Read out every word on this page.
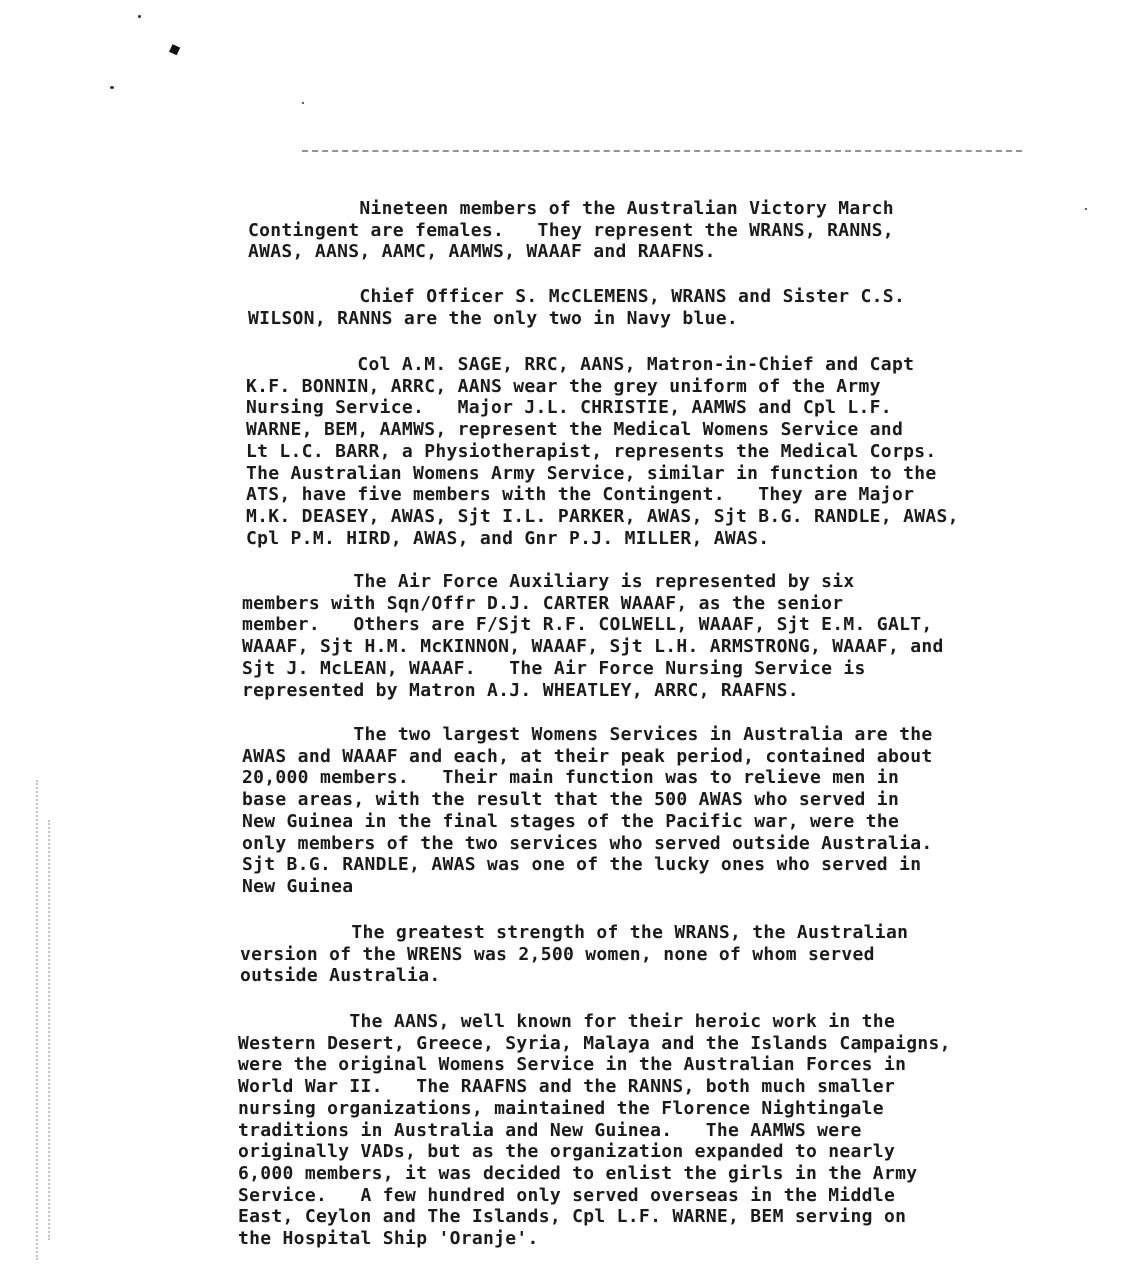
◆

Nineteen members of the Australian Victory March
Contingent are females.   They represent the WRANS, RANNS,
AWAS, AANS, AAMC, AAMWS, WAAAF and RAAFNS.

Chief Officer S. McCLEMENS, WRANS and Sister C.S.
WILSON, RANNS are the only two in Navy blue.

Col A.M. SAGE, RRC, AANS, Matron-in-Chief and Capt
K.F. BONNIN, ARRC, AANS wear the grey uniform of the Army
Nursing Service.   Major J.L. CHRISTIE, AAMWS and Cpl L.F.
WARNE, BEM, AAMWS, represent the Medical Womens Service and
Lt L.C. BARR, a Physiotherapist, represents the Medical Corps.
The Australian Womens Army Service, similar in function to the
ATS, have five members with the Contingent.   They are Major
M.K. DEASEY, AWAS, Sjt I.L. PARKER, AWAS, Sjt B.G. RANDLE, AWAS,
Cpl P.M. HIRD, AWAS, and Gnr P.J. MILLER, AWAS.

The Air Force Auxiliary is represented by six
members with Sqn/Offr D.J. CARTER WAAAF, as the senior
member.   Others are F/Sjt R.F. COLWELL, WAAAF, Sjt E.M. GALT,
WAAAF, Sjt H.M. McKINNON, WAAAF, Sjt L.H. ARMSTRONG, WAAAF, and
Sjt J. McLEAN, WAAAF.   The Air Force Nursing Service is
represented by Matron A.J. WHEATLEY, ARRC, RAAFNS.

The two largest Womens Services in Australia are the
AWAS and WAAAF and each, at their peak period, contained about
20,000 members.   Their main function was to relieve men in
base areas, with the result that the 500 AWAS who served in
New Guinea in the final stages of the Pacific war, were the
only members of the two services who served outside Australia.
Sjt B.G. RANDLE, AWAS was one of the lucky ones who served in
New Guinea

The greatest strength of the WRANS, the Australian
version of the WRENS was 2,500 women, none of whom served
outside Australia.

The AANS, well known for their heroic work in the
Western Desert, Greece, Syria, Malaya and the Islands Campaigns,
were the original Womens Service in the Australian Forces in
World War II.   The RAAFNS and the RANNS, both much smaller
nursing organizations, maintained the Florence Nightingale
traditions in Australia and New Guinea.   The AAMWS were
originally VADs, but as the organization expanded to nearly
6,000 members, it was decided to enlist the girls in the Army
Service.   A few hundred only served overseas in the Middle
East, Ceylon and The Islands, Cpl L.F. WARNE, BEM serving on
the Hospital Ship 'Oranje'.
